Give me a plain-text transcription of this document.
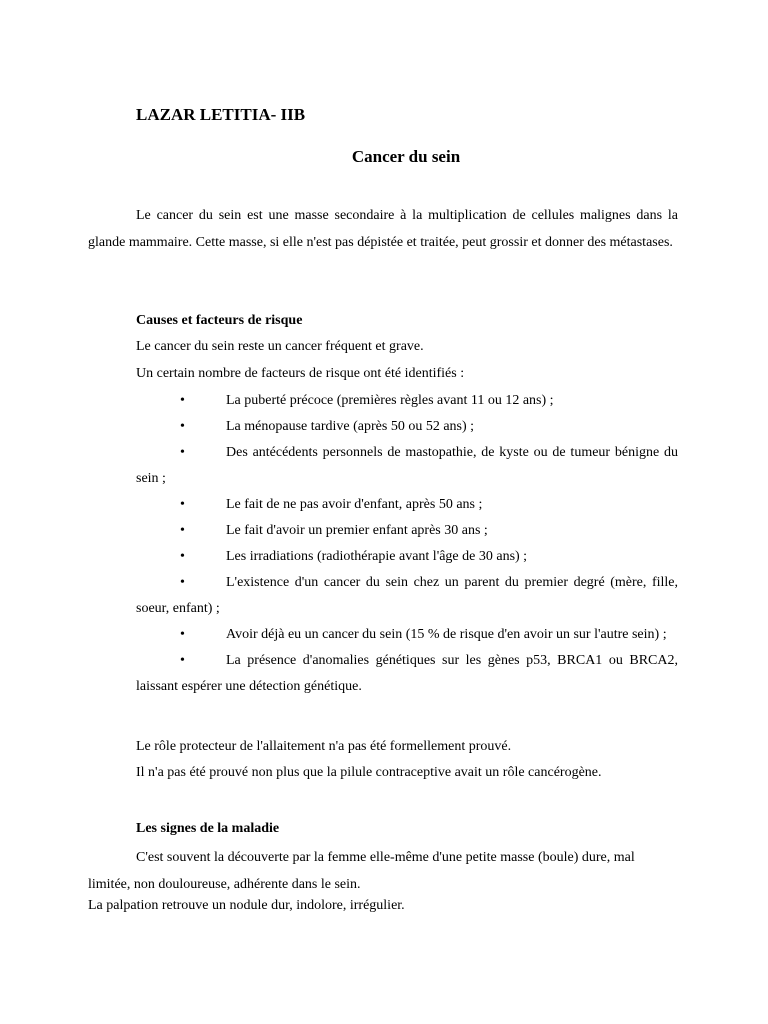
LAZAR LETITIA- IIB

Cancer du sein

Le cancer du sein est une masse secondaire à la multiplication de cellules malignes dans la glande mammaire. Cette masse, si elle n'est pas dépistée et traitée, peut grossir et donner des métastases.

Causes et facteurs de risque

Le cancer du sein reste un cancer fréquent et grave.

Un certain nombre de facteurs de risque ont été identifiés :

•	La puberté précoce (premières règles avant 11 ou 12 ans) ;
•	La ménopause tardive (après 50 ou 52 ans) ;
•	Des antécédents personnels de mastopathie, de kyste ou de tumeur bénigne du sein ;
•	Le fait de ne pas avoir d'enfant, après 50 ans ;
•	Le fait d'avoir un premier enfant après 30 ans ;
•	Les irradiations (radiothérapie avant l'âge de 30 ans) ;
•	L'existence d'un cancer du sein chez un parent du premier degré (mère, fille, soeur, enfant) ;
•	Avoir déjà eu un cancer du sein (15 % de risque d'en avoir un sur l'autre sein) ;
•	La présence d'anomalies génétiques sur les gènes p53, BRCA1 ou BRCA2, laissant espérer une détection génétique.

Le rôle protecteur de l'allaitement n'a pas été formellement prouvé.

Il n'a pas été prouvé non plus que la pilule contraceptive avait un rôle cancérogène.

Les signes de la maladie

C'est souvent la découverte par la femme elle-même d'une petite masse (boule) dure, mal limitée, non douloureuse, adhérente dans le sein.

La palpation retrouve un nodule dur, indolore, irrégulier.
